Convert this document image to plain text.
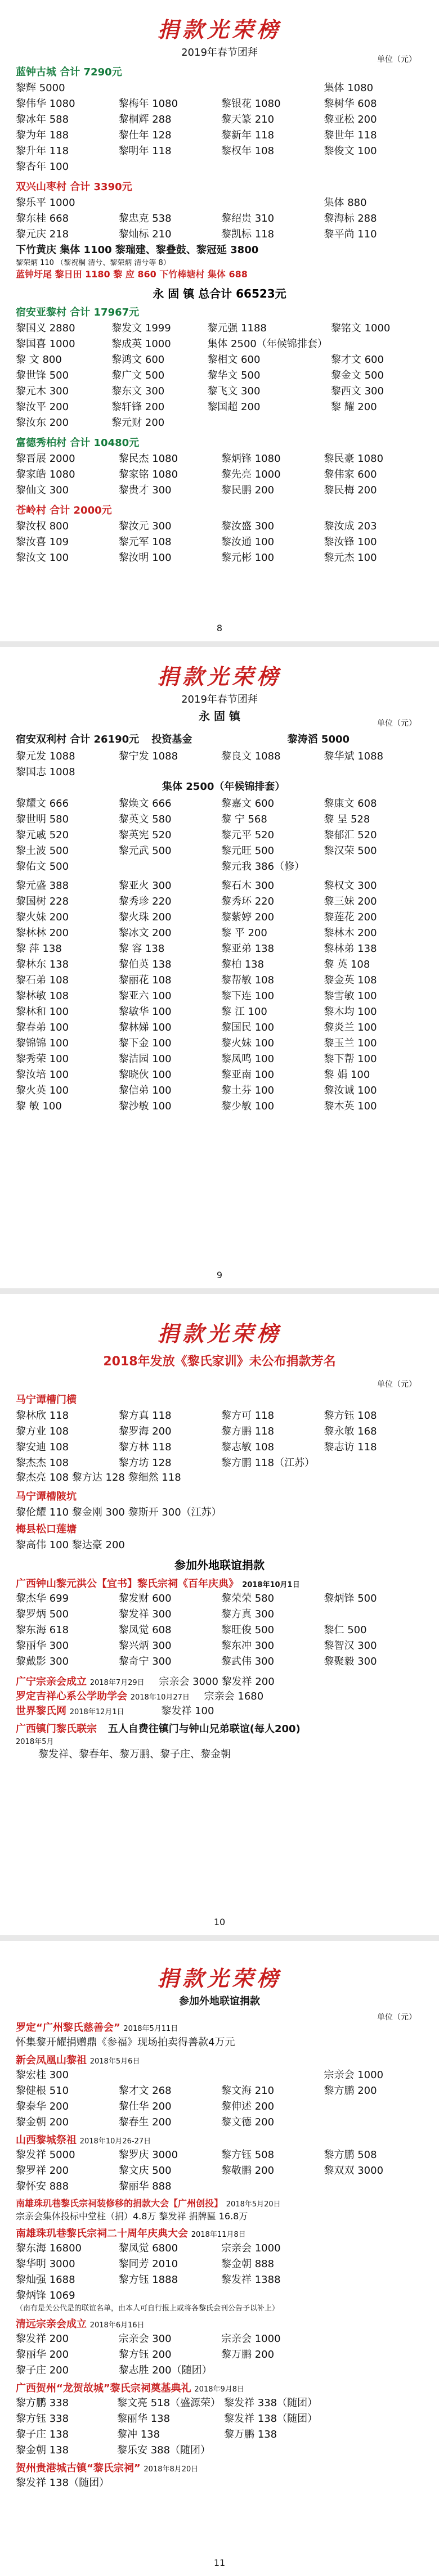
捐款光荣榜
2019年春节团拜
单位（元）
蓝钟古城 合计 7290元
黎辉 5000	集体 1080
黎伟华 1080	黎梅年 1080	黎银花 1080	黎树华 608
黎冰年 588	黎桐辉 288	黎天篆 210	黎亚松 200
黎为年 188	黎仕年 128	黎新年 118	黎世年 118
黎升年 118	黎明年 118	黎权年 108	黎俊文 100
黎杏年 100
双兴山枣村 合计 3390元
黎乐平 1000	集体 880
黎东桂 668	黎忠克 538	黎绍贵 310	黎海标 288
黎元庆 218	黎灿标 210	黎凯标 118	黎平尚 110
下竹黄庆 集体 1100 黎瑞建、黎叠鼓、黎冠延 3800
黎荣炳 110 （黎祝桐 清兮、黎荣炳 清兮等 8）
蓝钟圩尾 黎日田 1180 黎 应 860 下竹棒塘村 集体 688
永 固 镇 总合计 66523元
宿安亚黎村 合计 17967元
黎国义 2880	黎发文 1999	黎元强 1188	黎铭文 1000
黎国喜 1000	黎成英 1000	集体 2500（年候锦排套）
黎 文 800	黎鸿文 600	黎相文 600	黎才文 600
黎世锋 500	黎广文 500	黎华文 500	黎金文 500
黎元木 300	黎东文 300	黎飞文 300	黎西文 300
黎汝平 200	黎轩锋 200	黎国超 200	黎 耀 200
黎汝东 200	黎元财 200
富德秀柏村 合计 10480元
黎晋展 2000	黎民杰 1080	黎炳锋 1080	黎民豪 1080
黎家皓 1080	黎家铭 1080	黎先亮 1000	黎伟家 600
黎仙文 300	黎贵才 300	黎民鹏 200	黎民梅 200
苍岭村 合计 2000元
黎汝权 800	黎汝元 300	黎汝盛 300	黎汝成 203
黎汝喜 109	黎元军 108	黎汝通 100	黎汝锋 100
黎汝文 100	黎汝明 100	黎元彬 100	黎元杰 100
8
捐款光荣榜
2019年春节团拜
永 固 镇
单位（元）
宿安双利村 合计 26190元	投资基金	黎涛滔 5000
黎元发 1088	黎宁发 1088	黎良文 1088	黎华斌 1088
黎国志 1008
集体 2500（年候锦排套）
黎耀文 666	黎焕文 666	黎嘉文 600	黎康文 608
黎世明 580	黎英文 580	黎 宁 568	黎 呈 528
黎元戚 520	黎英宪 520	黎元平 520	黎郁汇 520
黎土波 500	黎元武 500	黎元旺 500	黎汉荣 500
黎佑文 500	黎元我 386（修）
黎元盛 388	黎亚火 300	黎石木 300	黎权文 300
黎国树 228	黎秀珍 220	黎秀环 220	黎三妹 200
黎火妹 200	黎火珠 200	黎紫婷 200	黎莲花 200
黎林林 200	黎冰文 200	黎 平 200	黎林木 200
黎 萍 138	黎 容 138	黎亚弟 138	黎林弟 138
黎林东 138	黎伯英 138	黎柏 138	黎 英 108
黎石弟 108	黎丽花 108	黎帮敏 108	黎金英 108
黎林敏 108	黎亚六 100	黎下连 100	黎雪敏 100
黎林和 100	黎敏华 100	黎 江 100	黎木均 100
黎春弟 100	黎林娣 100	黎国民 100	黎炎兰 100
黎锦锦 100	黎下金 100	黎火妹 100	黎玉兰 100
黎秀荣 100	黎洁园 100	黎凤鸣 100	黎下帮 100
黎汝培 100	黎晓伙 100	黎亚南 100	黎 娟 100
黎火英 100	黎信弟 100	黎土芬 100	黎汝诚 100
黎 敏 100	黎沙敏 100	黎少敏 100	黎木英 100
9
捐款光荣榜
2018年发放《黎氏家训》未公布捐款芳名
单位（元）
马宁谭槽门横
黎林欣 118	黎方真 118	黎方可 118	黎方钰 108
黎方业 108	黎罗海 200	黎方鹏 118	黎永敏 168
黎安迪 108	黎方林 118	黎志敏 108	黎志访 118
黎杰杰 108	黎方坊 128	黎方鹏 118（江苏）
黎杰亮 108 黎方达 128 黎细然 118
马宁谭槽陂坑
黎伦耀 110 黎金刚 300 黎斯开 300（江苏）
梅县松口莲塘
黎高伟 100 黎达豪 200
参加外地联谊捐款
广西钟山黎元洪公【宜书】黎氏宗祠《百年庆典》 2018年10月1日
黎杰华 699	黎发财 600	黎荣荣 580	黎炳锋 500
黎罗炳 500	黎发祥 300	黎方真 300
黎东海 618	黎凤觉 608	黎旺俊 500	黎仁 500
黎丽华 300	黎兴炳 300	黎东冲 300	黎智汉 300
黎戴影 300	黎奇宁 300	黎武伟 300	黎聚毅 300
广宁宗亲会成立 2018年7月29日 宗亲会 3000 黎发祥 200
罗定吉祥心系公学助学会 2018年10月27日 宗亲会 1680
世界黎氏网 2018年12月1日	黎发祥 100
广西镇门黎氏联宗 五人自费往镇门与钟山兄弟联谊(每人200)
2018年5月
黎发祥、黎春年、黎万鹏、黎子庄、黎金朝
10
捐款光荣榜
参加外地联谊捐款
单位（元）
罗定“广州黎氏慈善会” 2018年5月11日
怀集黎开耀捐赠鼎《参福》现场拍卖得善款4万元
新会凤凰山黎祖 2018年5月6日
黎宏桂 300	宗亲会 1000
黎健根 510	黎才文 268	黎文海 210	黎方鹏 200
黎泰华 200	黎仕华 200	黎伸述 200
黎金朝 200	黎春生 200	黎文德 200
山西黎城祭祖 2018年10月26-27日
黎发祥 5000	黎罗庆 3000	黎方钰 508	黎方鹏 508
黎罗祥 200	黎文庆 500	黎敬鹏 200	黎双双 3000
黎怀安 888	黎丽华 888
南雄珠玑巷黎氏宗祠装修移的捐款大会【广州创投】 2018年5月20日
宗亲会集体投标中堂柱（捐）4.8万 黎发祥 捐牌匾 16.8万
南雄珠玑巷黎氏宗祠二十周年庆典大会 2018年11月8日
黎东海 16800	黎凤觉 6800	宗亲会 1000
黎华明 3000	黎同芳 2010	黎金朝 888
黎灿强 1688	黎方钰 1888	黎发祥 1388
黎炳锋 1069
（南有是关公代是的联谊名单，由本人可自行报上或将各黎氏会刊公告予以补上）
清远宗亲会成立 2018年6月16日
黎发祥 200	宗亲会 300	宗亲会 1000
黎丽华 200	黎方钰 200	黎万鹏 200
黎子庄 200	黎志胜 200（随团）
广西贺州“龙贺故城”黎氏宗祠奠基典礼 2018年9月8日
黎方鹏 338	黎文亮 518（盛源荣） 黎发祥 338（随团）
黎方钰 338	黎丽华 138	黎发祥 138（随团）
黎子庄 138	黎冲 138	黎万鹏 138
黎金朝 138	黎乐安 388（随团）
贺州贵港城古镇“黎氏宗祠” 2018年8月20日
黎发祥 138（随团）
11
